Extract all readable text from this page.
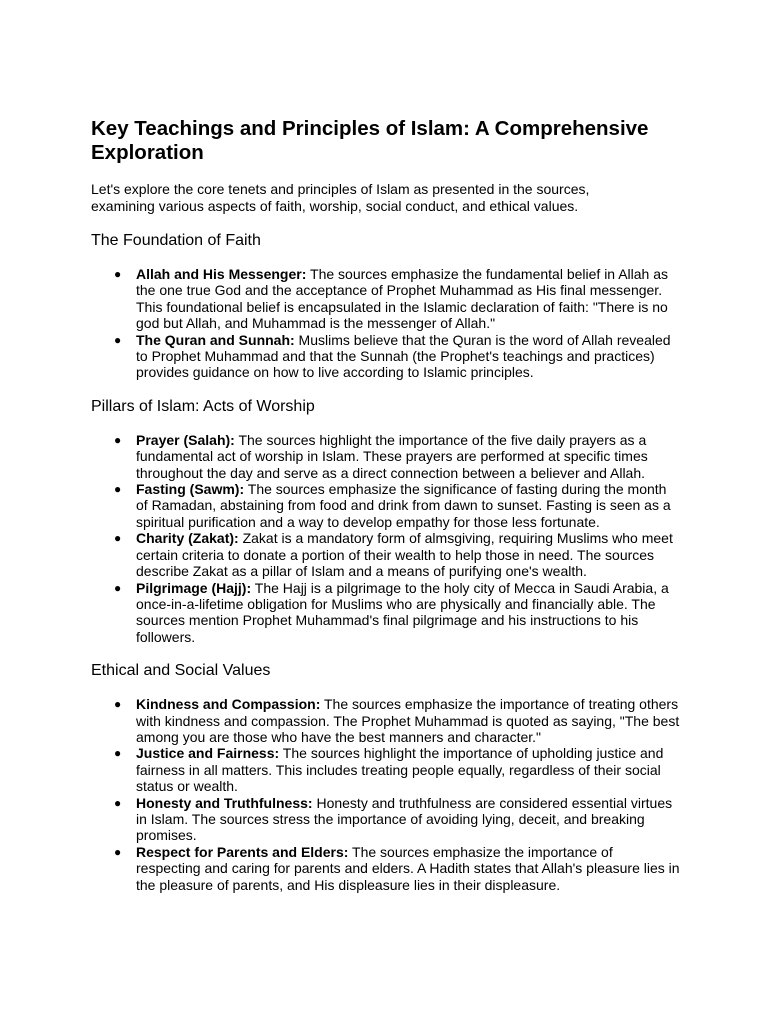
Key Teachings and Principles of Islam: A Comprehensive Exploration

Let's explore the core tenets and principles of Islam as presented in the sources, examining various aspects of faith, worship, social conduct, and ethical values.

The Foundation of Faith
● Allah and His Messenger: The sources emphasize the fundamental belief in Allah as the one true God and the acceptance of Prophet Muhammad as His final messenger. This foundational belief is encapsulated in the Islamic declaration of faith: "There is no god but Allah, and Muhammad is the messenger of Allah."
● The Quran and Sunnah: Muslims believe that the Quran is the word of Allah revealed to Prophet Muhammad and that the Sunnah (the Prophet's teachings and practices) provides guidance on how to live according to Islamic principles.
Pillars of Islam: Acts of Worship
● Prayer (Salah): The sources highlight the importance of the five daily prayers as a fundamental act of worship in Islam. These prayers are performed at specific times throughout the day and serve as a direct connection between a believer and Allah.
● Fasting (Sawm): The sources emphasize the significance of fasting during the month of Ramadan, abstaining from food and drink from dawn to sunset. Fasting is seen as a spiritual purification and a way to develop empathy for those less fortunate.
● Charity (Zakat): Zakat is a mandatory form of almsgiving, requiring Muslims who meet certain criteria to donate a portion of their wealth to help those in need. The sources describe Zakat as a pillar of Islam and a means of purifying one's wealth.
● Pilgrimage (Hajj): The Hajj is a pilgrimage to the holy city of Mecca in Saudi Arabia, a once-in-a-lifetime obligation for Muslims who are physically and financially able. The sources mention Prophet Muhammad's final pilgrimage and his instructions to his followers.
Ethical and Social Values
● Kindness and Compassion: The sources emphasize the importance of treating others with kindness and compassion. The Prophet Muhammad is quoted as saying, "The best among you are those who have the best manners and character."
● Justice and Fairness: The sources highlight the importance of upholding justice and fairness in all matters. This includes treating people equally, regardless of their social status or wealth.
● Honesty and Truthfulness: Honesty and truthfulness are considered essential virtues in Islam. The sources stress the importance of avoiding lying, deceit, and breaking promises.
● Respect for Parents and Elders: The sources emphasize the importance of respecting and caring for parents and elders. A Hadith states that Allah's pleasure lies in the pleasure of parents, and His displeasure lies in their displeasure.
